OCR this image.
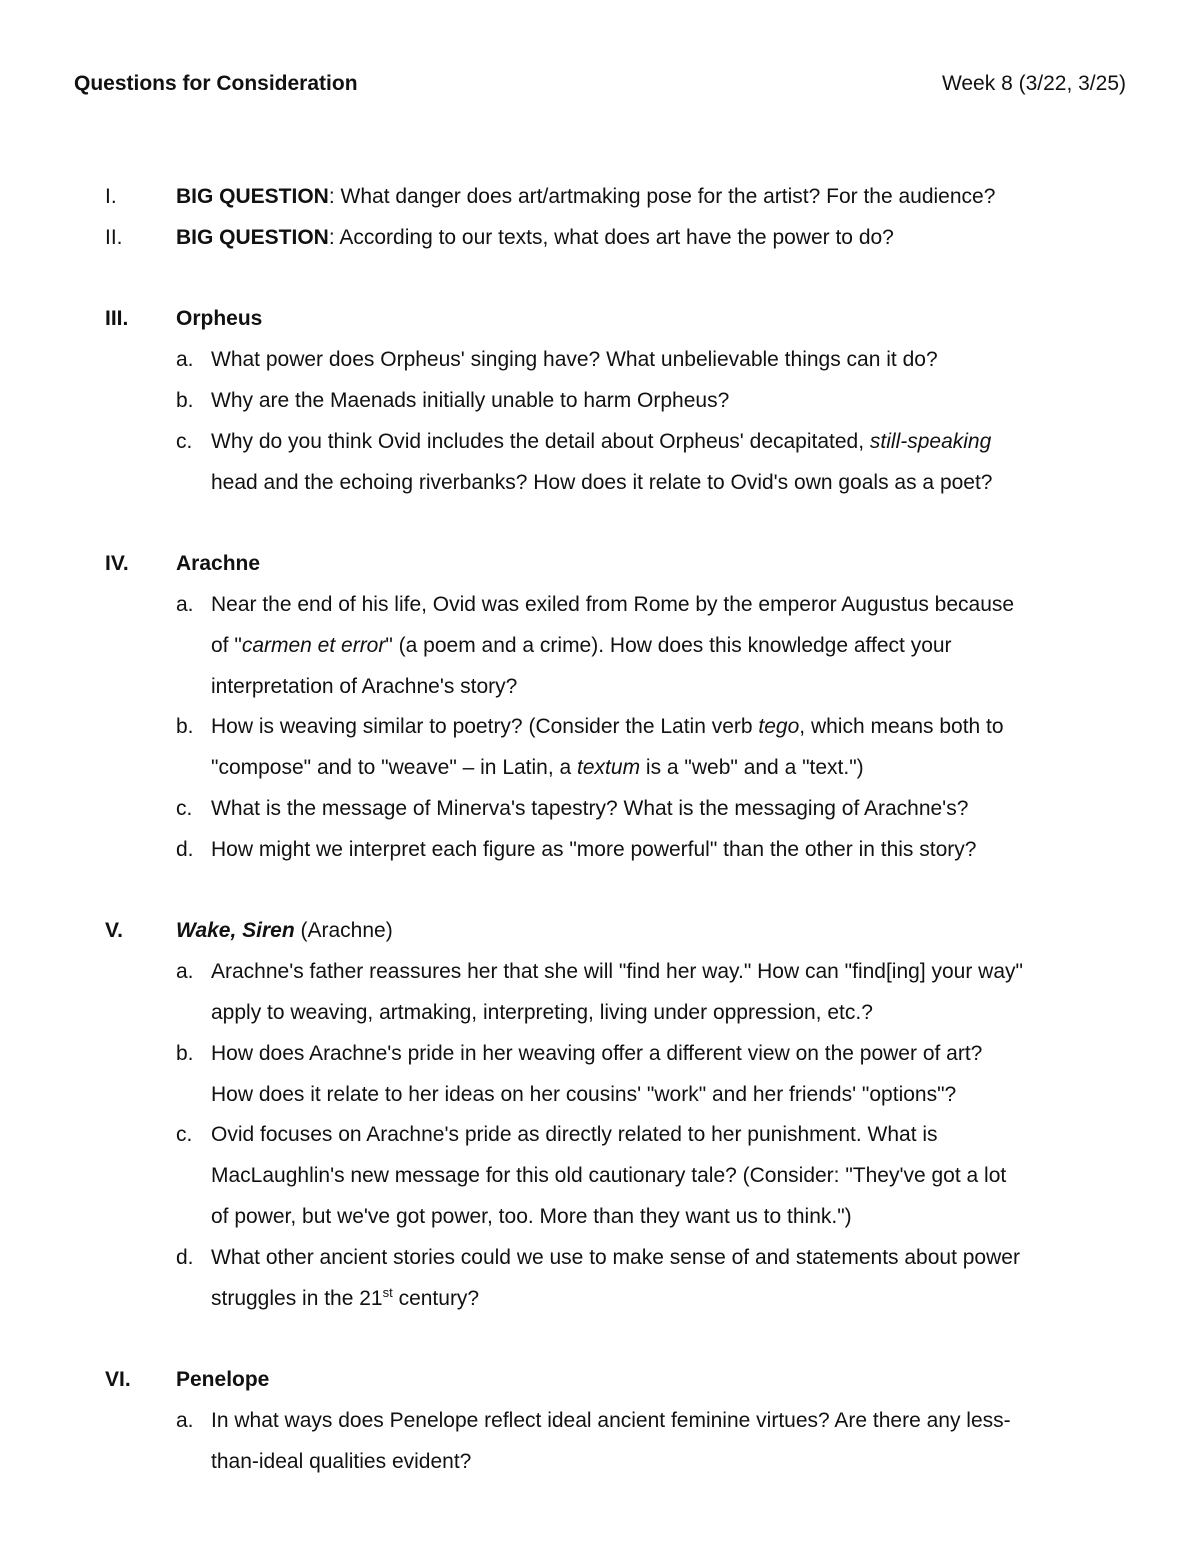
Questions for Consideration	Week 8 (3/22, 3/25)
I.	BIG QUESTION: What danger does art/artmaking pose for the artist? For the audience?
II.	BIG QUESTION: According to our texts, what does art have the power to do?
III. Orpheus
a. What power does Orpheus' singing have? What unbelievable things can it do?
b. Why are the Maenads initially unable to harm Orpheus?
c. Why do you think Ovid includes the detail about Orpheus' decapitated, still-speaking
head and the echoing riverbanks? How does it relate to Ovid's own goals as a poet?
IV. Arachne
a. Near the end of his life, Ovid was exiled from Rome by the emperor Augustus because
of "carmen et error" (a poem and a crime). How does this knowledge affect your
interpretation of Arachne's story?
b. How is weaving similar to poetry? (Consider the Latin verb tego, which means both to
"compose" and to "weave" – in Latin, a textum is a "web" and a "text.")
c. What is the message of Minerva's tapestry? What is the messaging of Arachne's?
d. How might we interpret each figure as "more powerful" than the other in this story?
V.	Wake, Siren (Arachne)
a. Arachne's father reassures her that she will "find her way." How can "find[ing] your way"
apply to weaving, artmaking, interpreting, living under oppression, etc.?
b. How does Arachne's pride in her weaving offer a different view on the power of art?
How does it relate to her ideas on her cousins' "work" and her friends' "options"?
c. Ovid focuses on Arachne's pride as directly related to her punishment. What is
MacLaughlin's new message for this old cautionary tale? (Consider: "They've got a lot
of power, but we've got power, too. More than they want us to think.")
d. What other ancient stories could we use to make sense of and statements about power
struggles in the 21st century?
VI. Penelope
a. In what ways does Penelope reflect ideal ancient feminine virtues? Are there any less-
than-ideal qualities evident?
